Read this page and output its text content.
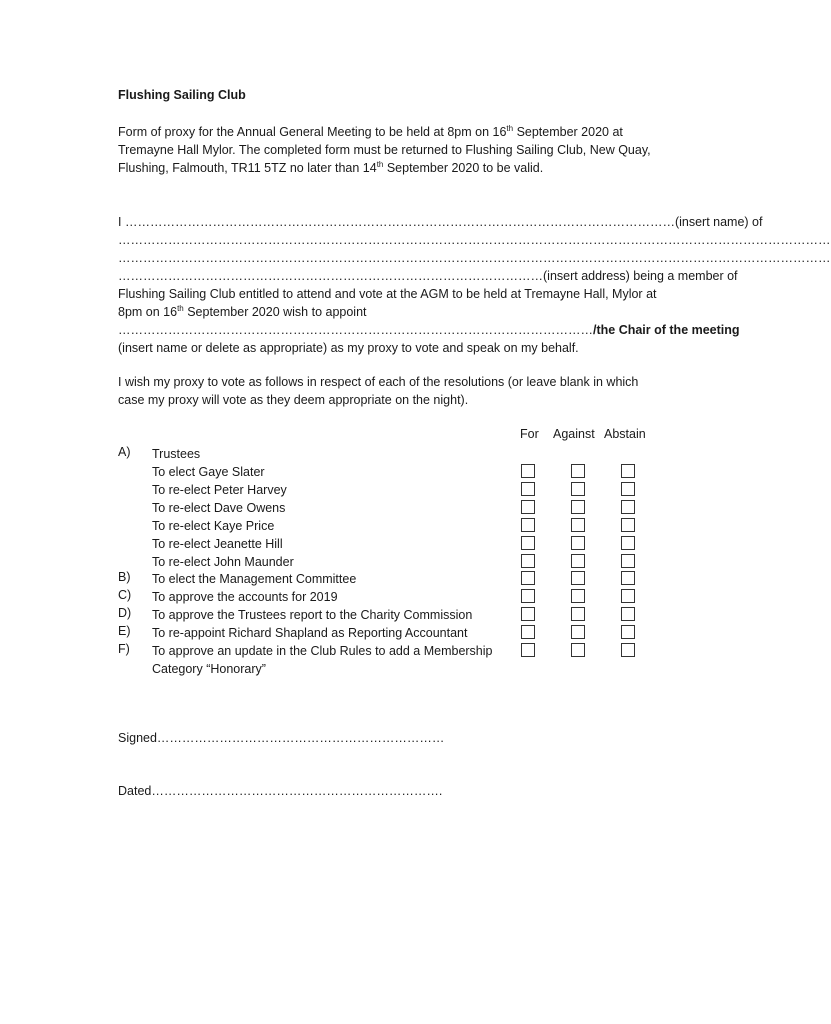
Flushing Sailing Club
Form of proxy for the Annual General Meeting to be held at 8pm on 16th September 2020 at
Tremayne Hall Mylor. The completed form must be returned to Flushing Sailing Club, New Quay,
Flushing, Falmouth, TR11 5TZ no later than 14th September 2020 to be valid.
I ……………………………………………………………………………………………………………………(insert name) of
………………………………………………………………………………………………………………………………………………………
………………………………………………………………………………………………………………………………………………………
…………………………………………………………………………………………(insert address) being a member of
Flushing Sailing Club entitled to attend and vote at the AGM to be held at Tremayne Hall, Mylor at
8pm on 16th September 2020 wish to appoint
……………………………………………………………………………………………………/the Chair of the meeting
(insert name or delete as appropriate) as my proxy to vote and speak on my behalf.
I wish my proxy to vote as follows in respect of each of the resolutions (or leave blank in which
case my proxy will vote as they deem appropriate on the night).
For Against Abstain
A) Trustees
To elect Gaye Slater
To re-elect Peter Harvey
To re-elect Dave Owens
To re-elect Kaye Price
To re-elect Jeanette Hill
To re-elect John Maunder
B) To elect the Management Committee
C) To approve the accounts for 2019
D) To approve the Trustees report to the Charity Commission
E) To re-appoint Richard Shapland as Reporting Accountant
F) To approve an update in the Club Rules to add a Membership Category “Honorary”
Signed……………………………………………………………
Dated…………………………………………………………….
